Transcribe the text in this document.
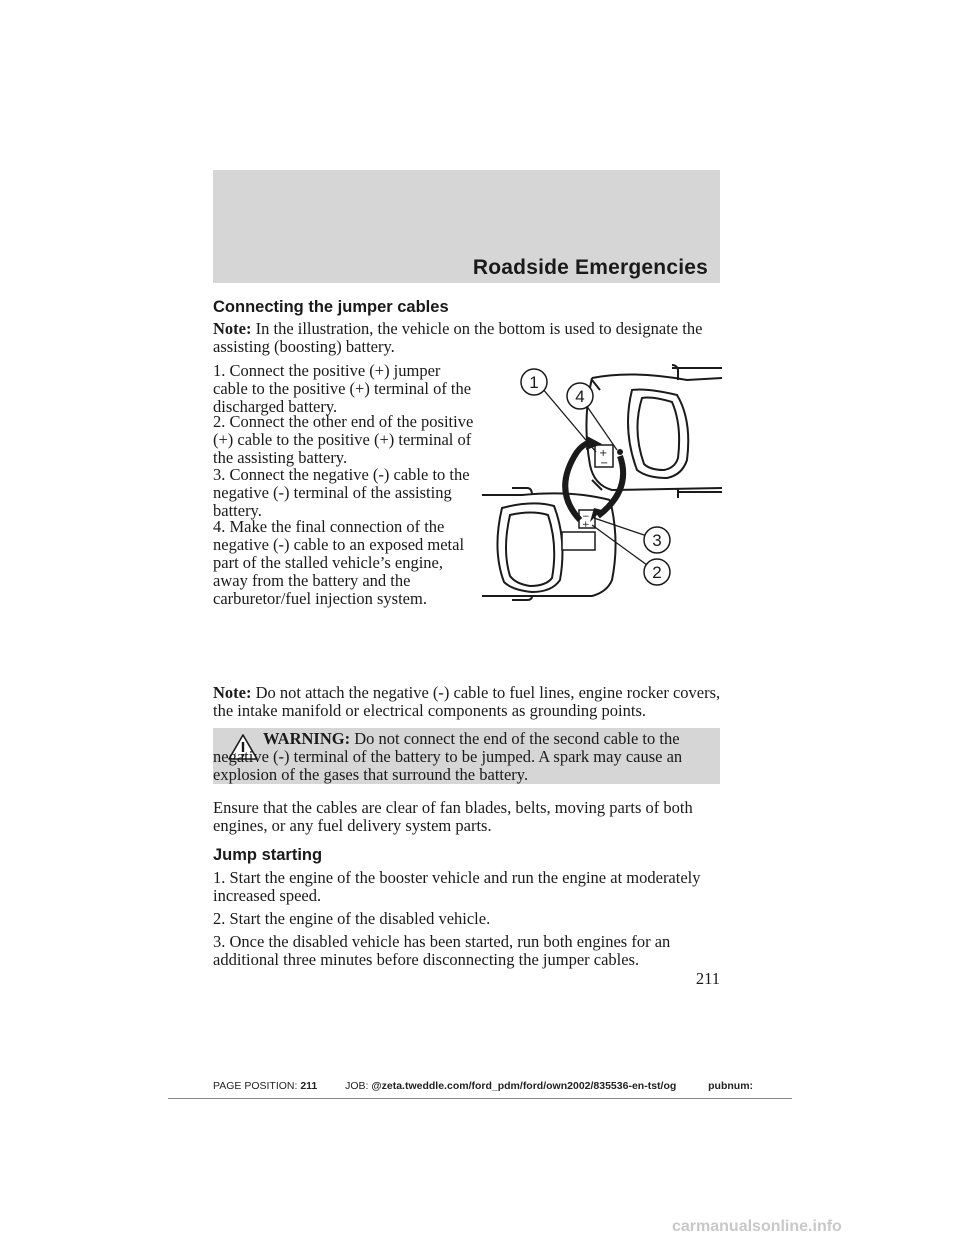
Roadside Emergencies
Connecting the jumper cables

Note: In the illustration, the vehicle on the bottom is used to designate the assisting (boosting) battery.

1. Connect the positive (+) jumper cable to the positive (+) terminal of the discharged battery.

2. Connect the other end of the positive (+) cable to the positive (+) terminal of the assisting battery.

3. Connect the negative (-) cable to the negative (-) terminal of the assisting battery.

4. Make the final connection of the negative (-) cable to an exposed metal part of the stalled vehicle’s engine, away from the battery and the carburetor/fuel injection system.

+
−
−
+
1
4
3
2

Note: Do not attach the negative (-) cable to fuel lines, engine rocker covers, the intake manifold or electrical components as grounding points.

WARNING: Do not connect the end of the second cable to the negative (-) terminal of the battery to be jumped. A spark may cause an explosion of the gases that surround the battery.

Ensure that the cables are clear of fan blades, belts, moving parts of both engines, or any fuel delivery system parts.

Jump starting

1. Start the engine of the booster vehicle and run the engine at moderately increased speed.

2. Start the engine of the disabled vehicle.

3. Once the disabled vehicle has been started, run both engines for an additional three minutes before disconnecting the jumper cables.

211
PAGE POSITION: 211	JOB: @zeta.tweddle.com/ford_pdm/ford/own2002/835536-en-tst/og	pubnum:
carmanualsonline.info
